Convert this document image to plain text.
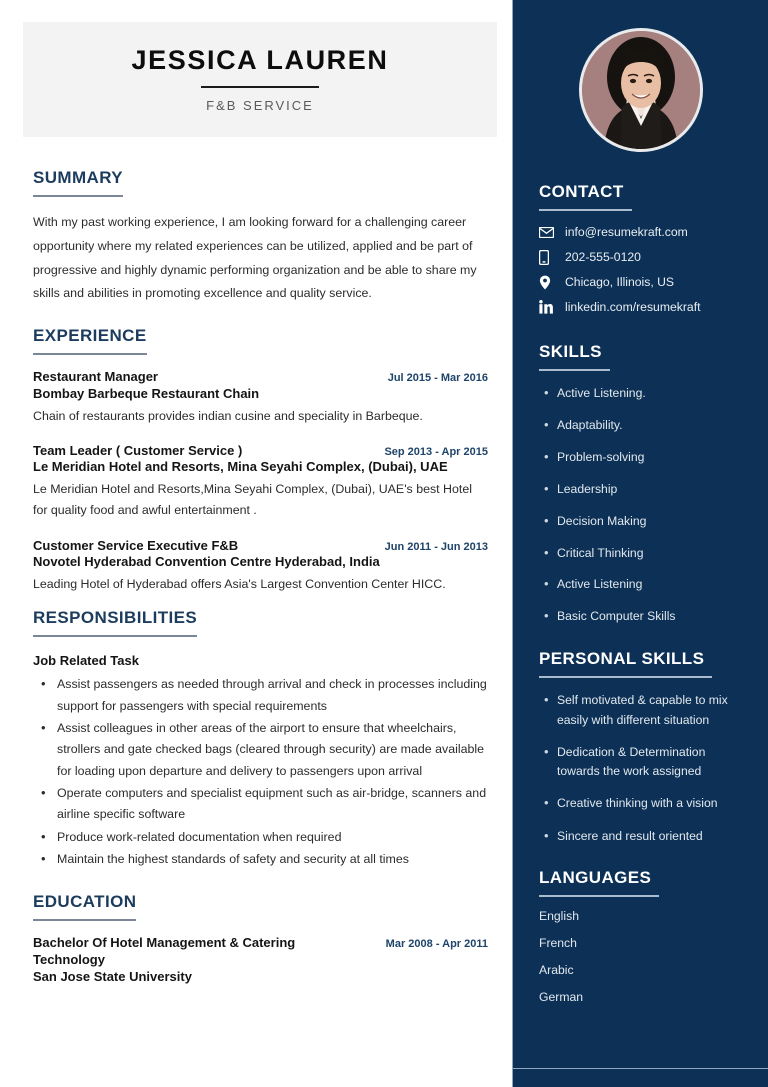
JESSICA LAUREN
F&B SERVICE
SUMMARY

With my past working experience, I am looking forward for a challenging career opportunity where my related experiences can be utilized, applied and be part of progressive and highly dynamic performing organization and be able to share my skills and abilities in promoting excellence and quality service.

EXPERIENCE
Restaurant Manager	Jul 2015 - Mar 2016
Bombay Barbeque Restaurant Chain
Chain of restaurants provides indian cusine and speciality in Barbeque.
Team Leader ( Customer Service )	Sep 2013 - Apr 2015
Le Meridian Hotel and Resorts, Mina Seyahi Complex, (Dubai), UAE
Le Meridian Hotel and Resorts,Mina Seyahi Complex, (Dubai), UAE's best Hotel for quality food and awful entertainment .
Customer Service Executive F&B	Jun 2011 - Jun 2013
Novotel Hyderabad Convention Centre Hyderabad, India
Leading Hotel of Hyderabad offers Asia's Largest Convention Center HICC.
RESPONSIBILITIES
Job Related Task
• Assist passengers as needed through arrival and check in processes including support for passengers with special requirements
• Assist colleagues in other areas of the airport to ensure that wheelchairs, strollers and gate checked bags (cleared through security) are made available for loading upon departure and delivery to passengers upon arrival
• Operate computers and specialist equipment such as air-bridge, scanners and airline specific software
• Produce work-related documentation when required
• Maintain the highest standards of safety and security at all times
EDUCATION
Bachelor Of Hotel Management & Catering Technology
Mar 2008 - Apr 2011
San Jose State University
CONTACT
info@resumekraft.com
202-555-0120
Chicago, Illinois, US
linkedin.com/resumekraft
SKILLS
• Active Listening.
• Adaptability.
• Problem-solving
• Leadership
• Decision Making
• Critical Thinking
• Active Listening
• Basic Computer Skills
PERSONAL SKILLS
• Self motivated & capable to mix easily with different situation
• Dedication & Determination towards the work assigned
• Creative thinking with a vision
• Sincere and result oriented
LANGUAGES
English
French
Arabic
German
